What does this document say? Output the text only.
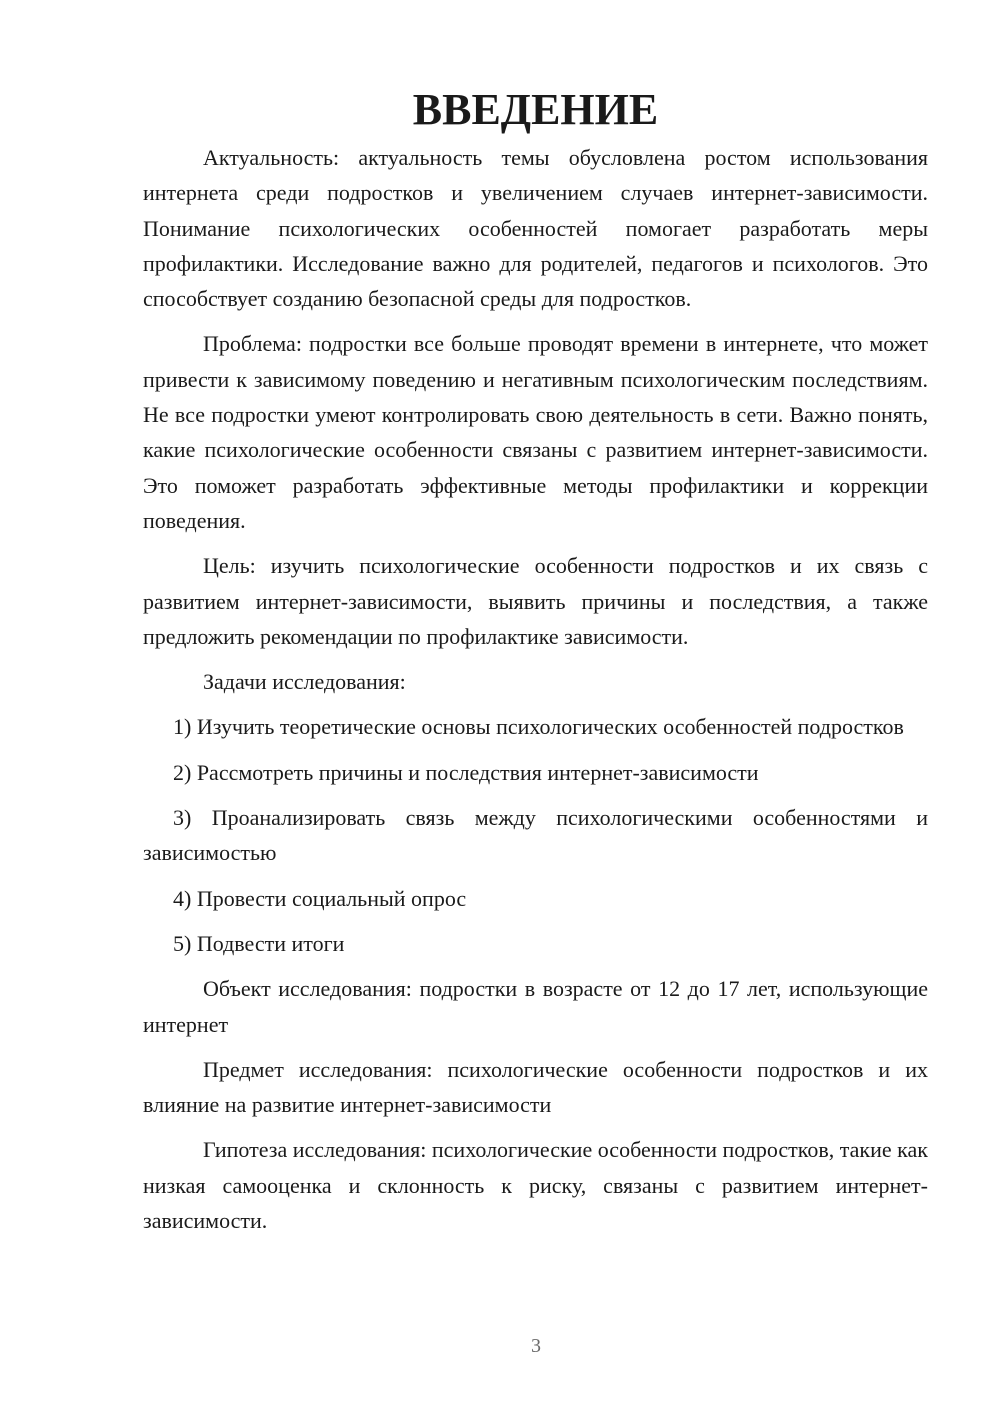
ВВЕДЕНИЕ

Актуальность: актуальность темы обусловлена ростом использования интернета среди подростков и увеличением случаев интернет-зависимости. Понимание психологических особенностей помогает разработать меры профилактики. Исследование важно для родителей, педагогов и психологов. Это способствует созданию безопасной среды для подростков.

Проблема: подростки все больше проводят времени в интернете, что может привести к зависимому поведению и негативным психологическим последствиям. Не все подростки умеют контролировать свою деятельность в сети. Важно понять, какие психологические особенности связаны с развитием интернет-зависимости. Это поможет разработать эффективные методы профилактики и коррекции поведения.

Цель: изучить психологические особенности подростков и их связь с развитием интернет-зависимости, выявить причины и последствия, а также предложить рекомендации по профилактике зависимости.

Задачи исследования:

1) Изучить теоретические основы психологических особенностей подростков

2) Рассмотреть причины и последствия интернет-зависимости

3) Проанализировать связь между психологическими особенностями и зависимостью

4) Провести социальный опрос

5) Подвести итоги

Объект исследования: подростки в возрасте от 12 до 17 лет, использующие интернет

Предмет исследования: психологические особенности подростков и их влияние на развитие интернет-зависимости

Гипотеза исследования: психологические особенности подростков, такие как низкая самооценка и склонность к риску, связаны с развитием интернет-зависимости.

3
